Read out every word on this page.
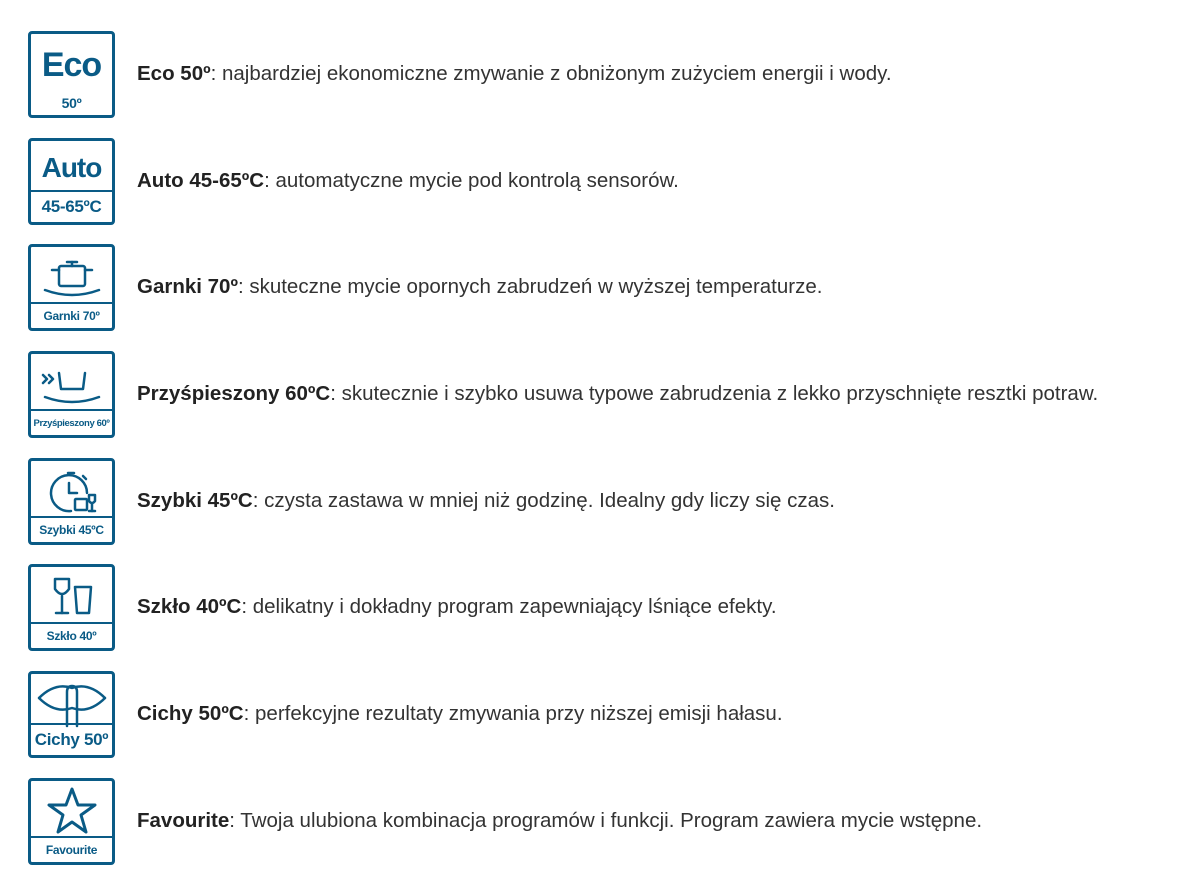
Eco
50º
Eco 50º: najbardziej ekonomiczne zmywanie z obniżonym zużyciem energii i wody.
Auto
45-65ºC
Auto 45-65ºC: automatyczne mycie pod kontrolą sensorów.
Garnki 70º
Garnki 70º: skuteczne mycie opornych zabrudzeń w wyższej temperaturze.
Przyśpieszony 60º
Przyśpieszony 60ºC: skutecznie i szybko usuwa typowe zabrudzenia z lekko przyschnięte resztki potraw.
Szybki 45ºC
Szybki 45ºC: czysta zastawa w mniej niż godzinę. Idealny gdy liczy się czas.
Szkło 40º
Szkło 40ºC: delikatny i dokładny program zapewniający lśniące efekty.
Cichy 50º
Cichy 50ºC: perfekcyjne rezultaty zmywania przy niższej emisji hałasu.
Favourite
Favourite: Twoja ulubiona kombinacja programów i funkcji. Program zawiera mycie wstępne.
